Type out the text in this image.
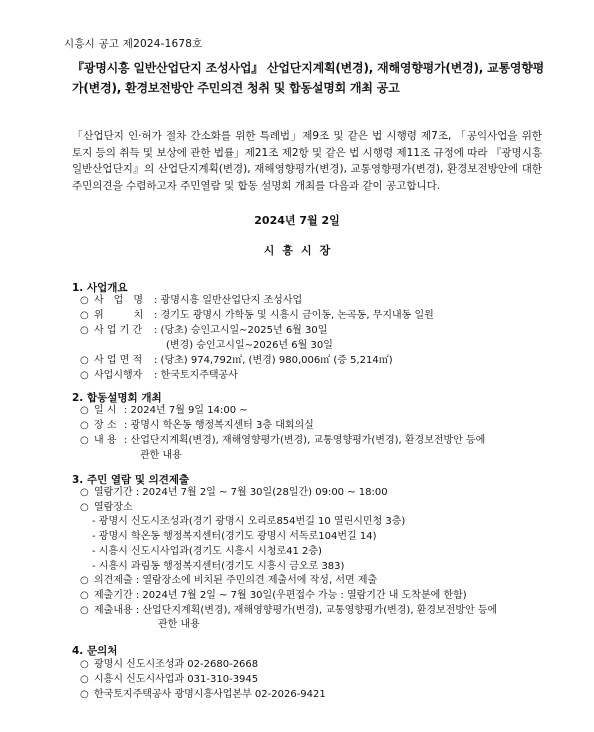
시흥시 공고 제2024-1678호
『광명시흥 일반산업단지 조성사업』 산업단지계획(변경), 재해영향평가(변경), 교통영향평가(변경), 환경보전방안 주민의견 청취 및 합동설명회 개최 공고
「산업단지 인·허가 절차 간소화를 위한 특례법」제9조 및 같은 법 시행령 제7조, 「공익사업을 위한 토지 등의 취득 및 보상에 관한 법률」제21조 제2항 및 같은 법 시행령 제11조 규정에 따라 『광명시흥 일반산업단지』의 산업단지계획(변경), 재해영향평가(변경), 교통영향평가(변경), 환경보전방안에 대한 주민의견을 수렴하고자 주민열람 및 합동 설명회 개최를 다음과 같이 공고합니다.
2024년 7월 2일
시흥시장
1. 사업개요
○ 사　업　명 : 광명시흥 일반산업단지 조성사업
○ 위　　　치 : 경기도 광명시 가학동 및 시흥시 금이동, 논곡동, 무지내동 일원
○ 사 업 기 간 : (당초) 승인고시일∼2025년 6월 30일
(변경) 승인고시일∼2026년 6월 30일
○ 사 업 면 적 : (당초) 974,792㎡, (변경) 980,006㎡ (증 5,214㎡)
○ 사업시행자 : 한국토지주택공사
2. 합동설명회 개최
○ 일 시 : 2024년 7월 9일 14:00 ~
○ 장 소 : 광명시 학온동 행정복지센터 3층 대회의실
○ 내 용 : 산업단지계획(변경), 재해영향평가(변경), 교통영향평가(변경), 환경보전방안 등에
관한 내용
3. 주민 열람 및 의견제출
○ 열람기간 : 2024년 7월 2일 ~ 7월 30일(28일간) 09:00 ~ 18:00
○ 열람장소
- 광명시 신도시조성과(경기 광명시 오리로854번길 10 열린시민청 3층)
- 광명시 학온동 행정복지센터(경기도 광명시 서독로104번길 14)
- 시흥시 신도시사업과(경기도 시흥시 시청로41 2층)
- 시흥시 과림동 행정복지센터(경기도 시흥시 금오로 383)
○ 의견제출 : 열람장소에 비치된 주민의견 제출서에 작성, 서면 제출
○ 제출기간 : 2024년 7월 2일 ~ 7월 30일(우편접수 가능 : 열람기간 내 도착분에 한함)
○ 제출내용 : 산업단지계획(변경), 재해영향평가(변경), 교통영향평가(변경), 환경보전방안 등에
관한 내용
4. 문의처
○ 광명시 신도시조성과 02-2680-2668
○ 시흥시 신도시사업과 031-310-3945
○ 한국토지주택공사 광명시흥사업본부 02-2026-9421
